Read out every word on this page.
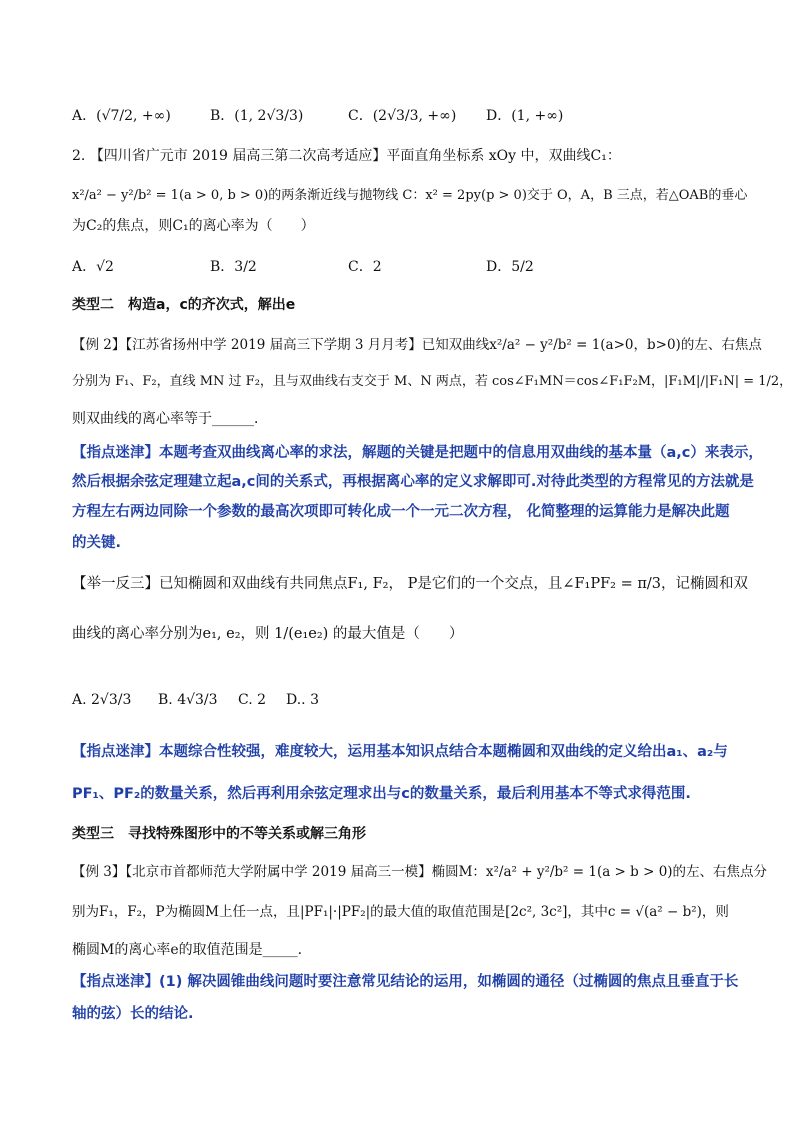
A．(√7/2, +∞)	B．(1, 2√3/3)	C．(2√3/3, +∞) D．(1, +∞)
2. 【四川省广元市 2019 届高三第二次高考适应】平面直角坐标系 xOy 中，双曲线C₁：
x²/a² − y²/b² = 1(a > 0, b > 0)的两条渐近线与抛物线 C：x² = 2py(p > 0)交于 O，A，B 三点，若△OAB的垂心
为C₂的焦点，则C₁的离心率为（　　）
A．√2	B．3/2	C．2	D．5/2
类型二　构造a，c的齐次式，解出e
【例 2】【江苏省扬州中学 2019 届高三下学期 3 月月考】已知双曲线x²/a² − y²/b² = 1(a>0，b>0)的左、右焦点
分别为 F₁、F₂，直线 MN 过 F₂，且与双曲线右支交于 M、N 两点，若 cos∠F₁MN＝cos∠F₁F₂M，|F₁M|/|F₁N| = 1/2，
则双曲线的离心率等于______．
【指点迷津】本题考查双曲线离心率的求法，解题的关键是把题中的信息用双曲线的基本量（a,c）来表示，
然后根据余弦定理建立起a,c间的关系式，再根据离心率的定义求解即可.对待此类型的方程常见的方法就是
方程左右两边同除一个参数的最高次项即可转化成一个一元二次方程， 化简整理的运算能力是解决此题
的关键.
【举一反三】已知椭圆和双曲线有共同焦点F₁, F₂， P是它们的一个交点，且∠F₁PF₂ = π/3，记椭圆和双
曲线的离心率分别为e₁, e₂，则 1/(e₁e₂) 的最大值是（　　）
A. 2√3/3 B. 4√3/3 C. 2 D.. 3
【指点迷津】本题综合性较强，难度较大，运用基本知识点结合本题椭圆和双曲线的定义给出a₁、a₂与
PF₁、PF₂的数量关系，然后再利用余弦定理求出与c的数量关系，最后利用基本不等式求得范围.
类型三　寻找特殊图形中的不等关系或解三角形
【例 3】【北京市首都师范大学附属中学 2019 届高三一模】椭圆M：x²/a² + y²/b² = 1(a > b > 0)的左、右焦点分
别为F₁，F₂，P为椭圆M上任一点，且|PF₁|·|PF₂|的最大值的取值范围是[2c², 3c²]，其中c = √(a² − b²)，则
椭圆M的离心率e的取值范围是_____.
【指点迷津】(1) 解决圆锥曲线问题时要注意常见结论的运用，如椭圆的通径（过椭圆的焦点且垂直于长
轴的弦）长的结论.
